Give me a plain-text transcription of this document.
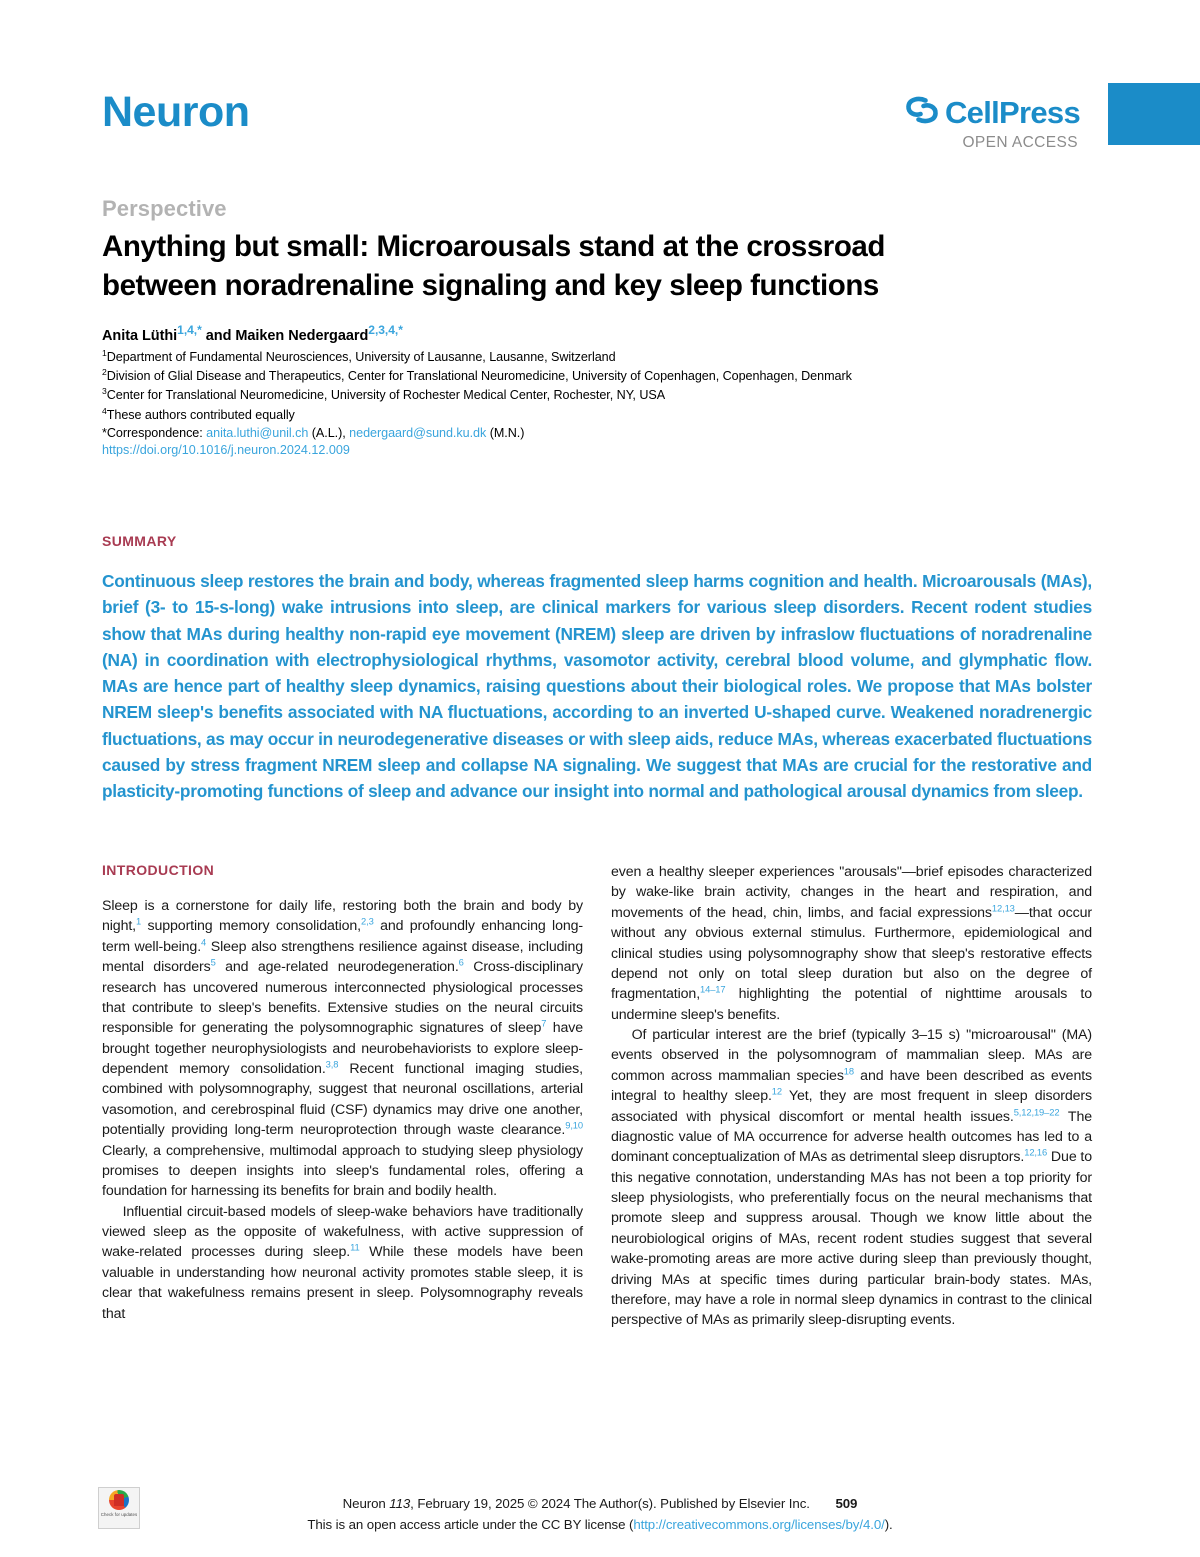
Neuron	CellPress
OPEN ACCESS
Perspective
Anything but small: Microarousals stand at the crossroad between noradrenaline signaling and key sleep functions
Anita Lüthi$^{1,4,*}$ and Maiken Nedergaard$^{2,3,4,*}$
$^1$Department of Fundamental Neurosciences, University of Lausanne, Lausanne, Switzerland
$^2$Division of Glial Disease and Therapeutics, Center for Translational Neuromedicine, University of Copenhagen, Copenhagen, Denmark
$^3$Center for Translational Neuromedicine, University of Rochester Medical Center, Rochester, NY, USA
$^4$These authors contributed equally
*Correspondence: anita.luthi@unil.ch (A.L.), nedergaard@sund.ku.dk (M.N.)
https://doi.org/10.1016/j.neuron.2024.12.009
SUMMARY
Continuous sleep restores the brain and body, whereas fragmented sleep harms cognition and health. Microarousals (MAs), brief (3- to 15-s-long) wake intrusions into sleep, are clinical markers for various sleep disorders. Recent rodent studies show that MAs during healthy non-rapid eye movement (NREM) sleep are driven by infraslow fluctuations of noradrenaline (NA) in coordination with electrophysiological rhythms, vasomotor activity, cerebral blood volume, and glymphatic flow. MAs are hence part of healthy sleep dynamics, raising questions about their biological roles. We propose that MAs bolster NREM sleep's benefits associated with NA fluctuations, according to an inverted U-shaped curve. Weakened noradrenergic fluctuations, as may occur in neurodegenerative diseases or with sleep aids, reduce MAs, whereas exacerbated fluctuations caused by stress fragment NREM sleep and collapse NA signaling. We suggest that MAs are crucial for the restorative and plasticity-promoting functions of sleep and advance our insight into normal and pathological arousal dynamics from sleep.
INTRODUCTION

Sleep is a cornerstone for daily life, restoring both the brain and body by night,$^1$ supporting memory consolidation,$^{2,3}$ and profoundly enhancing long-term well-being.$^4$ Sleep also strengthens resilience against disease, including mental disorders$^5$ and age-related neurodegeneration.$^6$ Cross-disciplinary research has uncovered numerous interconnected physiological processes that contribute to sleep's benefits. Extensive studies on the neural circuits responsible for generating the polysomnographic signatures of sleep$^7$ have brought together neurophysiologists and neurobehaviorists to explore sleep-dependent memory consolidation.$^{3,8}$ Recent functional imaging studies, combined with polysomnography, suggest that neuronal oscillations, arterial vasomotion, and cerebrospinal fluid (CSF) dynamics may drive one another, potentially providing long-term neuroprotection through waste clearance.$^{9,10}$ Clearly, a comprehensive, multimodal approach to studying sleep physiology promises to deepen insights into sleep's fundamental roles, offering a foundation for harnessing its benefits for brain and bodily health.

Influential circuit-based models of sleep-wake behaviors have traditionally viewed sleep as the opposite of wakefulness, with active suppression of wake-related processes during sleep.$^{11}$ While these models have been valuable in understanding how neuronal activity promotes stable sleep, it is clear that wakefulness remains present in sleep. Polysomnography reveals that

even a healthy sleeper experiences "arousals"—brief episodes characterized by wake-like brain activity, changes in the heart and respiration, and movements of the head, chin, limbs, and facial expressions$^{12,13}$—that occur without any obvious external stimulus. Furthermore, epidemiological and clinical studies using polysomnography show that sleep's restorative effects depend not only on total sleep duration but also on the degree of fragmentation,$^{14-17}$ highlighting the potential of nighttime arousals to undermine sleep's benefits.

Of particular interest are the brief (typically 3–15 s) "microarousal" (MA) events observed in the polysomnogram of mammalian sleep. MAs are common across mammalian species$^{18}$ and have been described as events integral to healthy sleep.$^{12}$ Yet, they are most frequent in sleep disorders associated with physical discomfort or mental health issues.$^{5,12,19-22}$ The diagnostic value of MA occurrence for adverse health outcomes has led to a dominant conceptualization of MAs as detrimental sleep disruptors.$^{12,16}$ Due to this negative connotation, understanding MAs has not been a top priority for sleep physiologists, who preferentially focus on the neural mechanisms that promote sleep and suppress arousal. Though we know little about the neurobiological origins of MAs, recent rodent studies suggest that several wake-promoting areas are more active during sleep than previously thought, driving MAs at specific times during particular brain-body states. MAs, therefore, may have a role in normal sleep dynamics in contrast to the clinical perspective of MAs as primarily sleep-disrupting events.

Check for updates
Neuron 113, February 19, 2025 © 2024 The Author(s). Published by Elsevier Inc. 509
This is an open access article under the CC BY license (http://creativecommons.org/licenses/by/4.0/).
